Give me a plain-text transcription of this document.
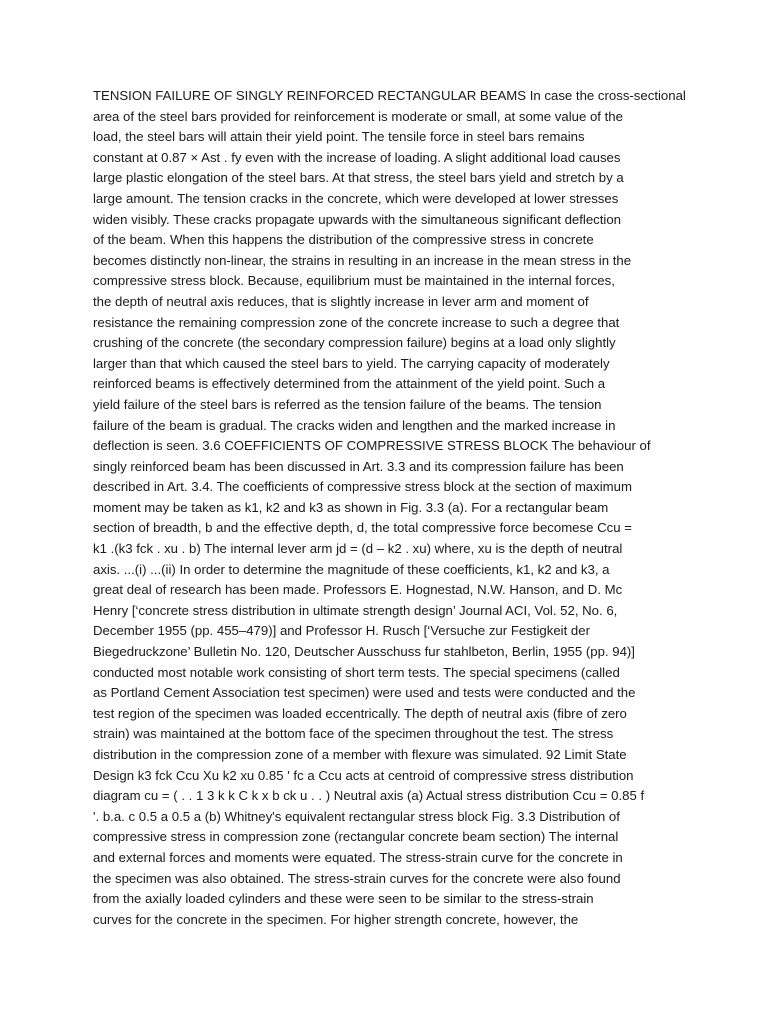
TENSION FAILURE OF SINGLY REINFORCED RECTANGULAR BEAMS In case the cross-sectional
area of the steel bars provided for reinforcement is moderate or small, at some value of the
load, the steel bars will attain their yield point. The tensile force in steel bars remains
constant at 0.87 × Ast . fy even with the increase of loading. A slight additional load causes
large plastic elongation of the steel bars. At that stress, the steel bars yield and stretch by a
large amount. The tension cracks in the concrete, which were developed at lower stresses
widen visibly. These cracks propagate upwards with the simultaneous significant deflection
of the beam. When this happens the distribution of the compressive stress in concrete
becomes distinctly non-linear, the strains in resulting in an increase in the mean stress in the
compressive stress block. Because, equilibrium must be maintained in the internal forces,
the depth of neutral axis reduces, that is slightly increase in lever arm and moment of
resistance the remaining compression zone of the concrete increase to such a degree that
crushing of the concrete (the secondary compression failure) begins at a load only slightly
larger than that which caused the steel bars to yield. The carrying capacity of moderately
reinforced beams is effectively determined from the attainment of the yield point. Such a
yield failure of the steel bars is referred as the tension failure of the beams. The tension
failure of the beam is gradual. The cracks widen and lengthen and the marked increase in
deflection is seen. 3.6 COEFFICIENTS OF COMPRESSIVE STRESS BLOCK The behaviour of
singly reinforced beam has been discussed in Art. 3.3 and its compression failure has been
described in Art. 3.4. The coefficients of compressive stress block at the section of maximum
moment may be taken as k1, k2 and k3 as shown in Fig. 3.3 (a). For a rectangular beam
section of breadth, b and the effective depth, d, the total compressive force becomese Ccu =
k1 .(k3 fck . xu . b) The internal lever arm jd = (d – k2 . xu) where, xu is the depth of neutral
axis. ...(i) ...(ii) In order to determine the magnitude of these coefficients, k1, k2 and k3, a
great deal of research has been made. Professors E. Hognestad, N.W. Hanson, and D. Mc
Henry [‘concrete stress distribution in ultimate strength design’ Journal ACI, Vol. 52, No. 6,
December 1955 (pp. 455–479)] and Professor H. Rusch [‘Versuche zur Festigkeit der
Biegedruckzone’ Bulletin No. 120, Deutscher Ausschuss fur stahlbeton, Berlin, 1955 (pp. 94)]
conducted most notable work consisting of short term tests. The special specimens (called
as Portland Cement Association test specimen) were used and tests were conducted and the
test region of the specimen was loaded eccentrically. The depth of neutral axis (fibre of zero
strain) was maintained at the bottom face of the specimen throughout the test. The stress
distribution in the compression zone of a member with flexure was simulated. 92 Limit State
Design k3 fck Ccu Xu k2 xu 0.85 ' fc a Ccu acts at centroid of compressive stress distribution
diagram cu = ( . . 1 3 k k C k x b ck u . . ) Neutral axis (a) Actual stress distribution Ccu = 0.85 f
'. b.a. c 0.5 a 0.5 a (b) Whitney's equivalent rectangular stress block Fig. 3.3 Distribution of
compressive stress in compression zone (rectangular concrete beam section) The internal
and external forces and moments were equated. The stress-strain curve for the concrete in
the specimen was also obtained. The stress-strain curves for the concrete were also found
from the axially loaded cylinders and these were seen to be similar to the stress-strain
curves for the concrete in the specimen. For higher strength concrete, however, the
